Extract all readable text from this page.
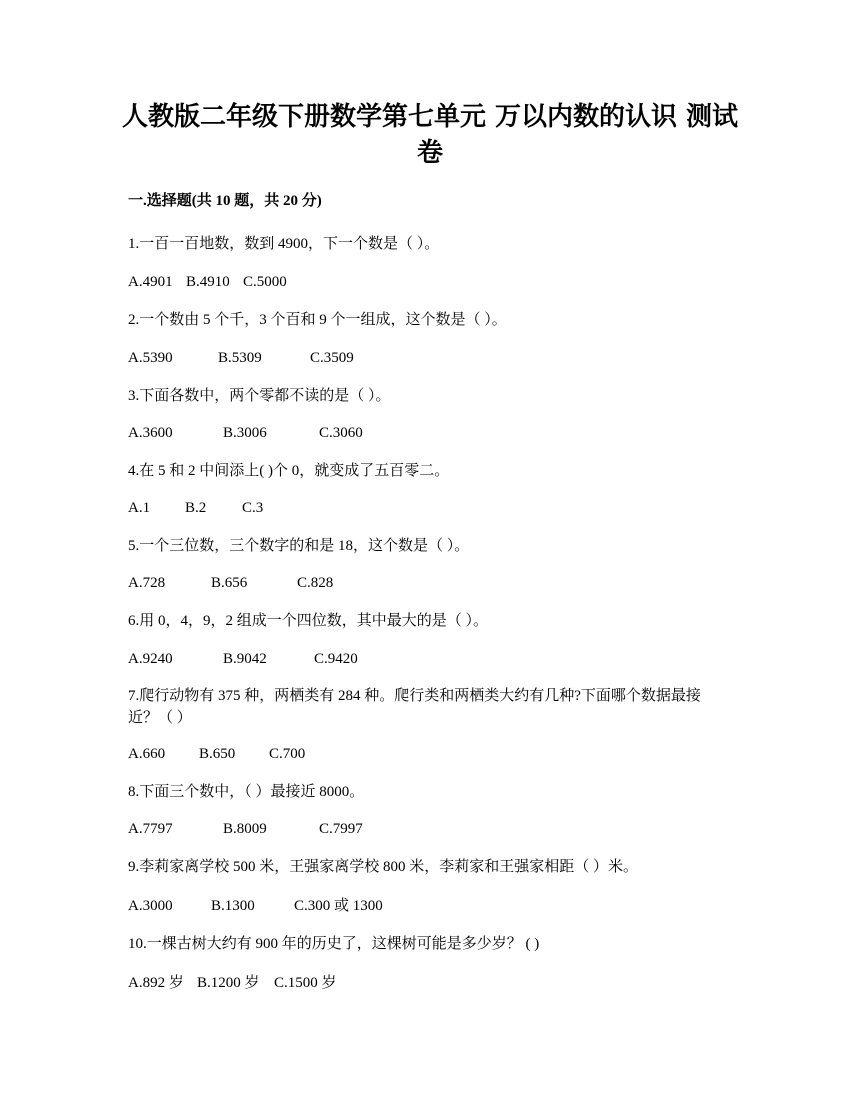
人教版二年级下册数学第七单元 万以内数的认识 测试卷

一.选择题(共 10 题，共 20 分)

1.一百一百地数，数到 4900，下一个数是（ ）。

A.4901 B.4910 C.5000

2.一个数由 5 个千，3 个百和 9 个一组成，这个数是（ ）。

A.5390	B.5309	C.3509

3.下面各数中，两个零都不读的是（ ）。

A.3600	B.3006	C.3060

4.在 5 和 2 中间添上( )个 0，就变成了五百零二。

A.1 B.2 C.3

5.一个三位数，三个数字的和是 18，这个数是（ ）。

A.728	B.656	C.828

6.用 0，4，9，2 组成一个四位数，其中最大的是（ ）。

A.9240	B.9042	C.9420

7.爬行动物有 375 种，两栖类有 284 种。爬行类和两栖类大约有几种?下面哪个数据最接近？（ ）

A.660 B.650 C.700

8.下面三个数中，（ ）最接近 8000。

A.7797	B.8009	C.7997

9.李莉家离学校 500 米，王强家离学校 800 米，李莉家和王强家相距（ ）米。

A.3000	B.1300	C.300 或 1300

10.一棵古树大约有 900 年的历史了，这棵树可能是多少岁？ ( )

A.892 岁 B.1200 岁 C.1500 岁
